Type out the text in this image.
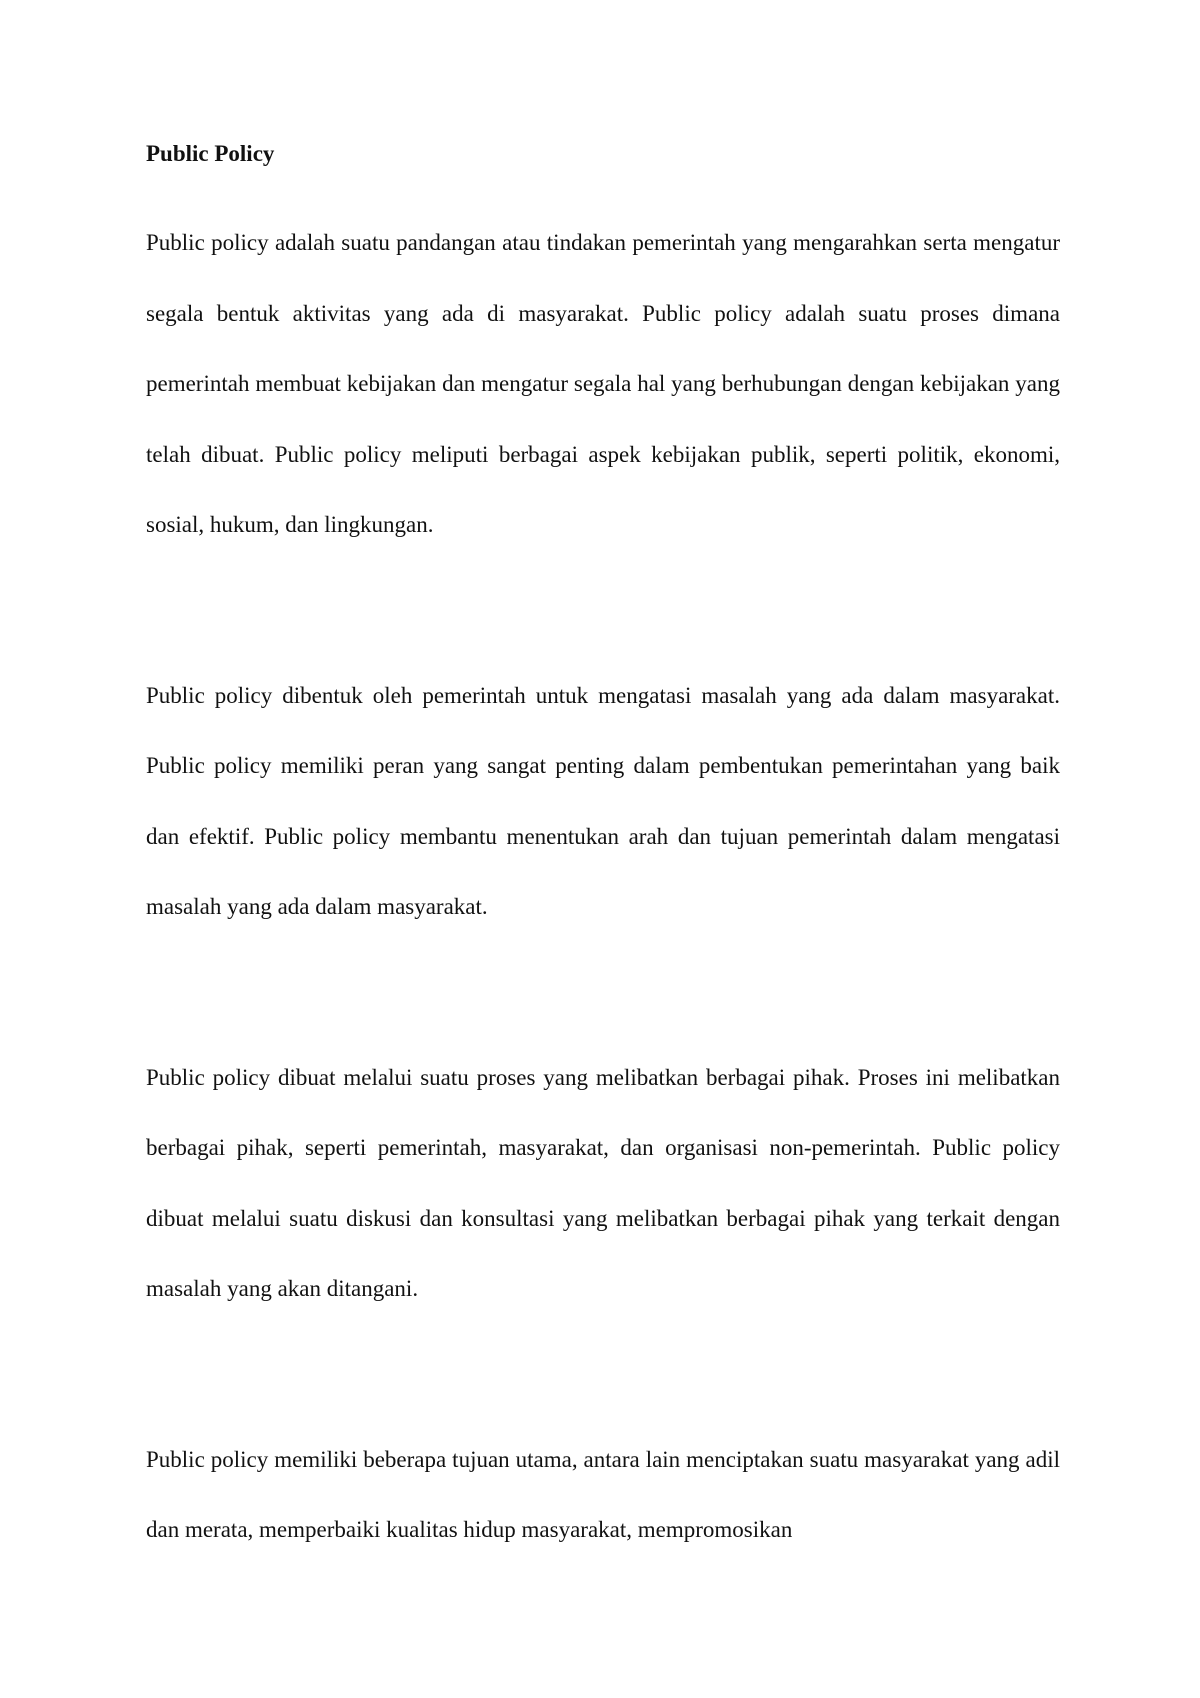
Public Policy

Public policy adalah suatu pandangan atau tindakan pemerintah yang mengarahkan serta mengatur segala bentuk aktivitas yang ada di masyarakat. Public policy adalah suatu proses dimana pemerintah membuat kebijakan dan mengatur segala hal yang berhubungan dengan kebijakan yang telah dibuat. Public policy meliputi berbagai aspek kebijakan publik, seperti politik, ekonomi, sosial, hukum, dan lingkungan.

Public policy dibentuk oleh pemerintah untuk mengatasi masalah yang ada dalam masyarakat. Public policy memiliki peran yang sangat penting dalam pembentukan pemerintahan yang baik dan efektif. Public policy membantu menentukan arah dan tujuan pemerintah dalam mengatasi masalah yang ada dalam masyarakat.

Public policy dibuat melalui suatu proses yang melibatkan berbagai pihak. Proses ini melibatkan berbagai pihak, seperti pemerintah, masyarakat, dan organisasi non-pemerintah. Public policy dibuat melalui suatu diskusi dan konsultasi yang melibatkan berbagai pihak yang terkait dengan masalah yang akan ditangani.

Public policy memiliki beberapa tujuan utama, antara lain menciptakan suatu masyarakat yang adil dan merata, memperbaiki kualitas hidup masyarakat, mempromosikan
